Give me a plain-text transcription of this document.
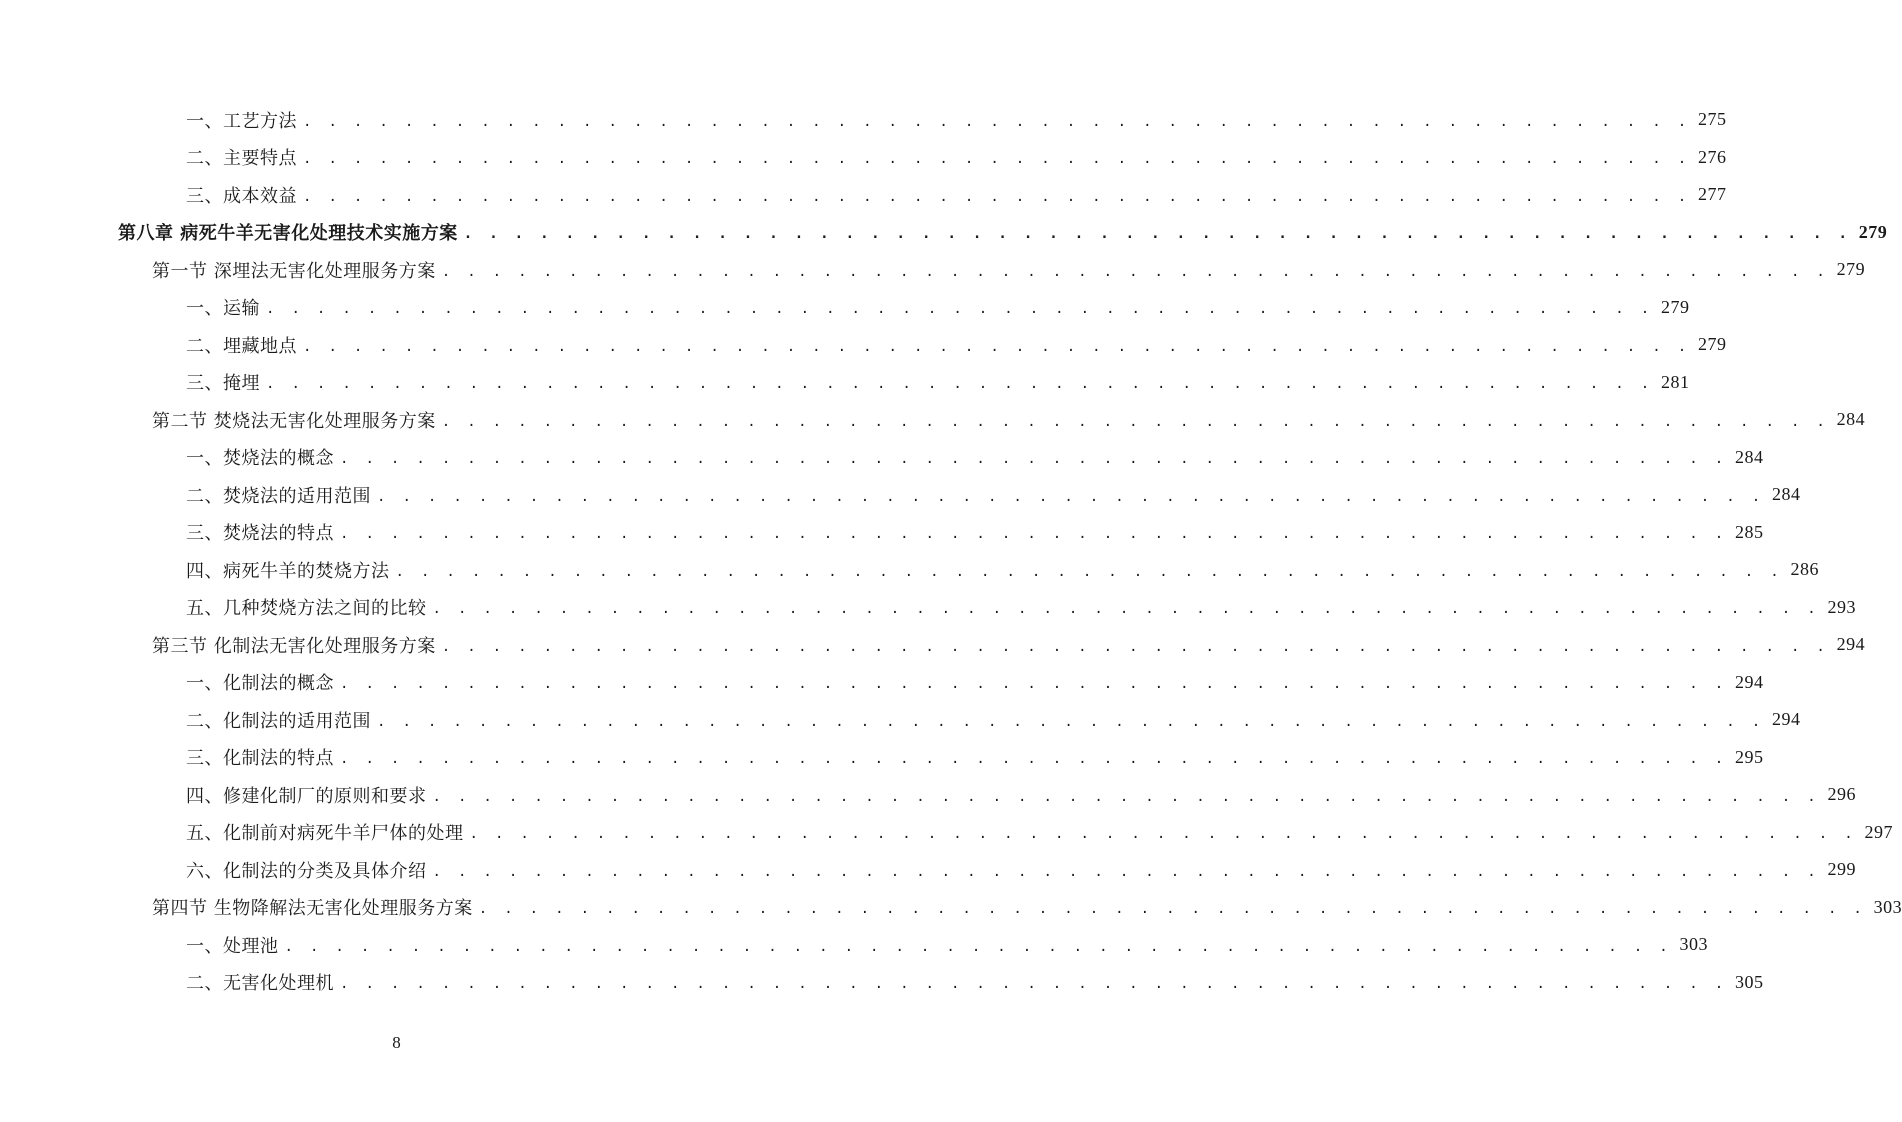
一、工艺方法 . . . . . . . . . . . . . . . . . . . . . . . . . . . . . . . . . . . . . . . . . . . . . . . . . . . . . . . 275
二、主要特点 . . . . . . . . . . . . . . . . . . . . . . . . . . . . . . . . . . . . . . . . . . . . . . . . . . . . . . . 276
三、成本效益 . . . . . . . . . . . . . . . . . . . . . . . . . . . . . . . . . . . . . . . . . . . . . . . . . . . . . . . 277
第八章 病死牛羊无害化处理技术实施方案 . . . . . . . . . . . . . . . . . . . . . . . . . . . . . . . . . . . . . . . . . . . . . . . . . . . . . . . 279
第一节 深埋法无害化处理服务方案 . . . . . . . . . . . . . . . . . . . . . . . . . . . . . . . . . . . . . . . . . . . . . . . . . . . . . . . 279
一、运输 . . . . . . . . . . . . . . . . . . . . . . . . . . . . . . . . . . . . . . . . . . . . . . . . . . . . . . . 279
二、埋藏地点 . . . . . . . . . . . . . . . . . . . . . . . . . . . . . . . . . . . . . . . . . . . . . . . . . . . . . . . 279
三、掩埋 . . . . . . . . . . . . . . . . . . . . . . . . . . . . . . . . . . . . . . . . . . . . . . . . . . . . . . . 281
第二节 焚烧法无害化处理服务方案 . . . . . . . . . . . . . . . . . . . . . . . . . . . . . . . . . . . . . . . . . . . . . . . . . . . . . . . 284
一、焚烧法的概念 . . . . . . . . . . . . . . . . . . . . . . . . . . . . . . . . . . . . . . . . . . . . . . . . . . . . . . . 284
二、焚烧法的适用范围 . . . . . . . . . . . . . . . . . . . . . . . . . . . . . . . . . . . . . . . . . . . . . . . . . . . . . . . 284
三、焚烧法的特点 . . . . . . . . . . . . . . . . . . . . . . . . . . . . . . . . . . . . . . . . . . . . . . . . . . . . . . . 285
四、病死牛羊的焚烧方法 . . . . . . . . . . . . . . . . . . . . . . . . . . . . . . . . . . . . . . . . . . . . . . . . . . . . . . . 286
五、几种焚烧方法之间的比较 . . . . . . . . . . . . . . . . . . . . . . . . . . . . . . . . . . . . . . . . . . . . . . . . . . . . . . . 293
第三节 化制法无害化处理服务方案 . . . . . . . . . . . . . . . . . . . . . . . . . . . . . . . . . . . . . . . . . . . . . . . . . . . . . . . 294
一、化制法的概念 . . . . . . . . . . . . . . . . . . . . . . . . . . . . . . . . . . . . . . . . . . . . . . . . . . . . . . . 294
二、化制法的适用范围 . . . . . . . . . . . . . . . . . . . . . . . . . . . . . . . . . . . . . . . . . . . . . . . . . . . . . . . 294
三、化制法的特点 . . . . . . . . . . . . . . . . . . . . . . . . . . . . . . . . . . . . . . . . . . . . . . . . . . . . . . . 295
四、修建化制厂的原则和要求 . . . . . . . . . . . . . . . . . . . . . . . . . . . . . . . . . . . . . . . . . . . . . . . . . . . . . . . 296
五、化制前对病死牛羊尸体的处理 . . . . . . . . . . . . . . . . . . . . . . . . . . . . . . . . . . . . . . . . . . . . . . . . . . . . . . . 297
六、化制法的分类及具体介绍 . . . . . . . . . . . . . . . . . . . . . . . . . . . . . . . . . . . . . . . . . . . . . . . . . . . . . . . 299
第四节 生物降解法无害化处理服务方案 . . . . . . . . . . . . . . . . . . . . . . . . . . . . . . . . . . . . . . . . . . . . . . . . . . . . . . . 303
一、处理池 . . . . . . . . . . . . . . . . . . . . . . . . . . . . . . . . . . . . . . . . . . . . . . . . . . . . . . . 303
二、无害化处理机 . . . . . . . . . . . . . . . . . . . . . . . . . . . . . . . . . . . . . . . . . . . . . . . . . . . . . . . 305
8
